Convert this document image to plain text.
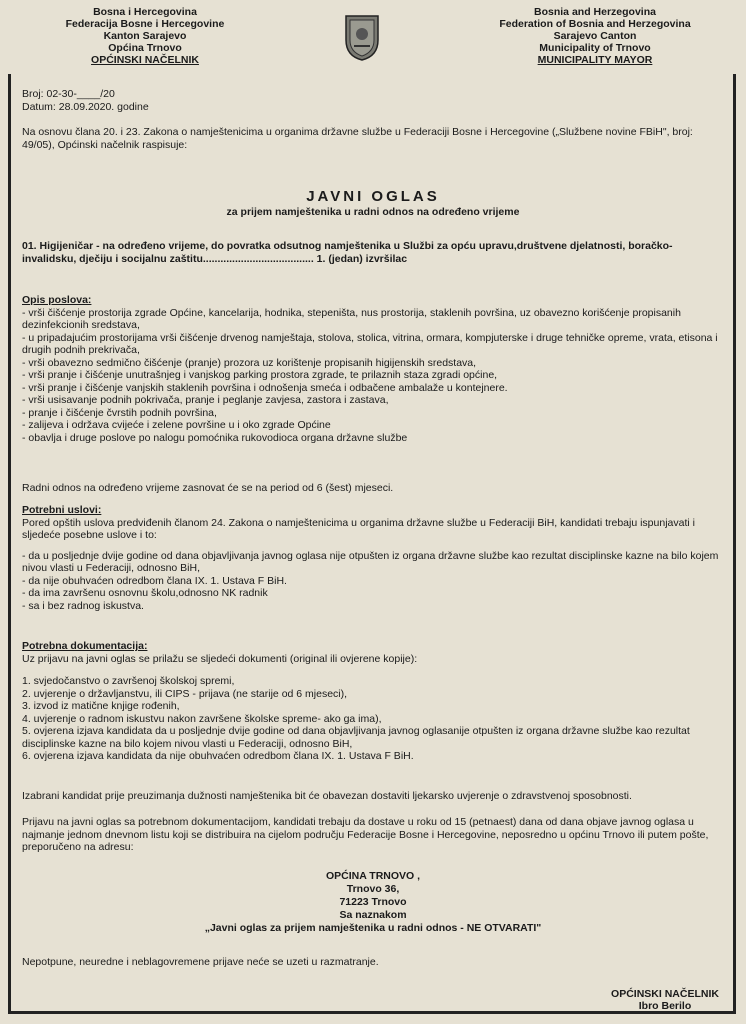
Bosna i Hercegovina
Federacija Bosne i Hercegovine
Kanton Sarajevo
Općina Trnovo
OPĆINSKI NAČELNIK
Bosnia and Herzegovina
Federation of Bosnia and Herzegovina
Sarajevo Canton
Municipality of Trnovo
MUNICIPALITY MAYOR
Broj: 02-30-____/20
Datum: 28.09.2020. godine
Na osnovu člana 20. i 23. Zakona o namještenicima u organima državne službe u Federaciji Bosne i Hercegovine („Službene novine FBiH", broj: 49/05), Općinski načelnik raspisuje:
JAVNI OGLAS
za prijem namještenika u radni odnos na određeno vrijeme
01. Higijeničar - na određeno vrijeme, do povratka odsutnog namještenika u Službi za opću upravu,društvene djelatnosti, boračko-invalidsku, dječiju i socijalnu zaštitu...................................... 1. (jedan) izvršilac
Opis poslova:
- vrši čišćenje prostorija zgrade Općine, kancelarija, hodnika, stepeništa, nus prostorija, staklenih površina, uz obavezno korišćenje propisanih dezinfekcionih sredstava,
- u pripadajućim prostorijama vrši čišćenje drvenog namještaja, stolova, stolica, vitrina, ormara, kompjuterske i druge tehničke opreme, vrata, etisona i drugih podnih prekrivača,
- vrši obavezno sedmično čišćenje (pranje) prozora uz korištenje propisanih higijenskih sredstava,
- vrši pranje i čišćenje unutrašnjeg i vanjskog parking prostora zgrade, te prilaznih staza zgradi općine,
- vrši pranje i čišćenje vanjskih staklenih površina i odnošenja smeća i odbačene ambalaže u kontejnere.
- vrši usisavanje podnih pokrivača, pranje i peglanje zavjesa, zastora i zastava,
- pranje i čišćenje čvrstih podnih površina,
- zalijeva i održava cvijeće i zelene površine u i oko zgrade Općine
- obavlja i druge poslove po nalogu pomoćnika rukovodioca organa državne službe
Radni odnos na određeno vrijeme zasnovat će se na period od 6 (šest) mjeseci.
Potrebni uslovi:
Pored opštih uslova predviđenih članom 24. Zakona o namještenicima u organima državne službe u Federaciji BiH, kandidati trebaju ispunjavati i sljedeće posebne uslove i to:
- da u posljednje dvije godine od dana objavljivanja javnog oglasa nije otpušten iz organa državne službe kao rezultat disciplinske kazne na bilo kojem nivou vlasti u Federaciji, odnosno BiH,
- da nije obuhvaćen odredbom člana IX. 1. Ustava F BiH.
- da ima završenu osnovnu školu,odnosno NK radnik
- sa i bez radnog iskustva.
Potrebna dokumentacija:
Uz prijavu na javni oglas se prilažu se sljedeći dokumenti (original ili ovjerene kopije):
1. svjedočanstvo o završenoj školskoj spremi,
2. uvjerenje o državljanstvu, ili CIPS - prijava (ne starije od 6 mjeseci),
3. izvod iz matične knjige rođenih,
4. uvjerenje o radnom iskustvu nakon završene školske spreme- ako ga ima),
5. ovjerena izjava kandidata da u posljednje dvije godine od dana objavljivanja javnog oglasanije otpušten iz organa državne službe kao rezultat disciplinske kazne na bilo kojem nivou vlasti u Federaciji, odnosno BiH,
6. ovjerena izjava kandidata da nije obuhvaćen odredbom člana IX. 1. Ustava F BiH.
Izabrani kandidat prije preuzimanja dužnosti namještenika bit će obavezan dostaviti ljekarsko uvjerenje o zdravstvenoj sposobnosti.
Prijavu na javni oglas sa potrebnom dokumentacijom, kandidati trebaju da dostave u roku od 15 (petnaest) dana od dana objave javnog oglasa u najmanje jednom dnevnom listu koji se distribuira na cijelom području Federacije Bosne i Hercegovine, neposredno u općinu Trnovo ili putem pošte, preporučeno na adresu:
OPĆINA TRNOVO ,
Trnovo 36,
71223 Trnovo
Sa naznakom
„Javni oglas za prijem namještenika u radni odnos - NE OTVARATI"
Nepotpune, neuredne i neblagovremene prijave neće se uzeti u razmatranje.
OPĆINSKI NAČELNIK
Ibro Berilo
